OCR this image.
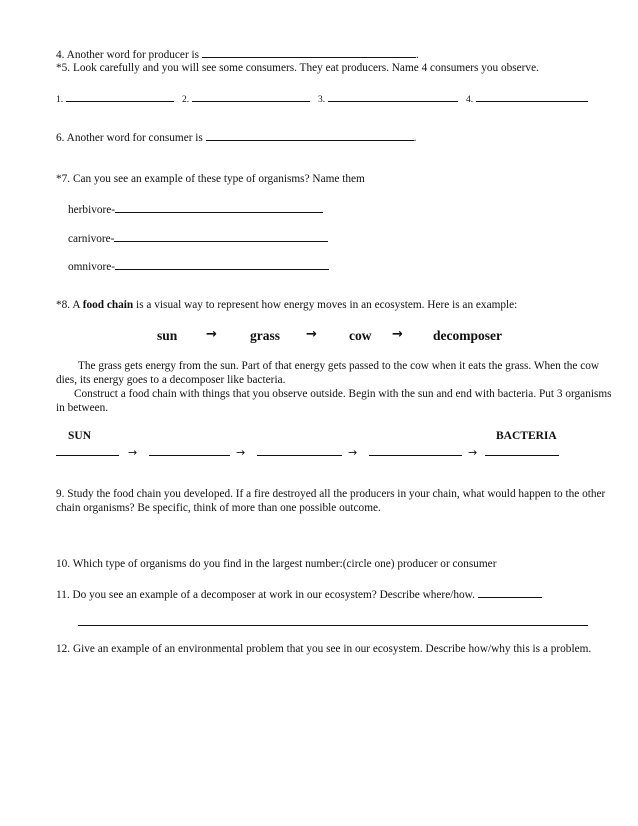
4. Another word for producer is	.
*5. Look carefully and you will see some consumers. They eat producers. Name 4 consumers you observe.
1.	2.	3.	4.
6. Another word for consumer is	.
*7. Can you see an example of these type of organisms? Name them
herbivore-
carnivore-
omnivore-
*8. A food chain is a visual way to represent how energy moves in an ecosystem. Here is an example:
sun → grass → cow → decomposer
The grass gets energy from the sun. Part of that energy gets passed to the cow when it eats the grass. When the cow dies, its energy goes to a decomposer like bacteria.
Construct a food chain with things that you observe outside. Begin with the sun and end with bacteria. Put 3 organisms in between.
SUN	BACTERIA
→	→	→	→
9. Study the food chain you developed. If a fire destroyed all the producers in your chain, what would happen to the other chain organisms? Be specific, think of more than one possible outcome.
10. Which type of organisms do you find in the largest number:(circle one) producer or consumer
11. Do you see an example of a decomposer at work in our ecosystem? Describe where/how.
12. Give an example of an environmental problem that you see in our ecosystem. Describe how/why this is a problem.
